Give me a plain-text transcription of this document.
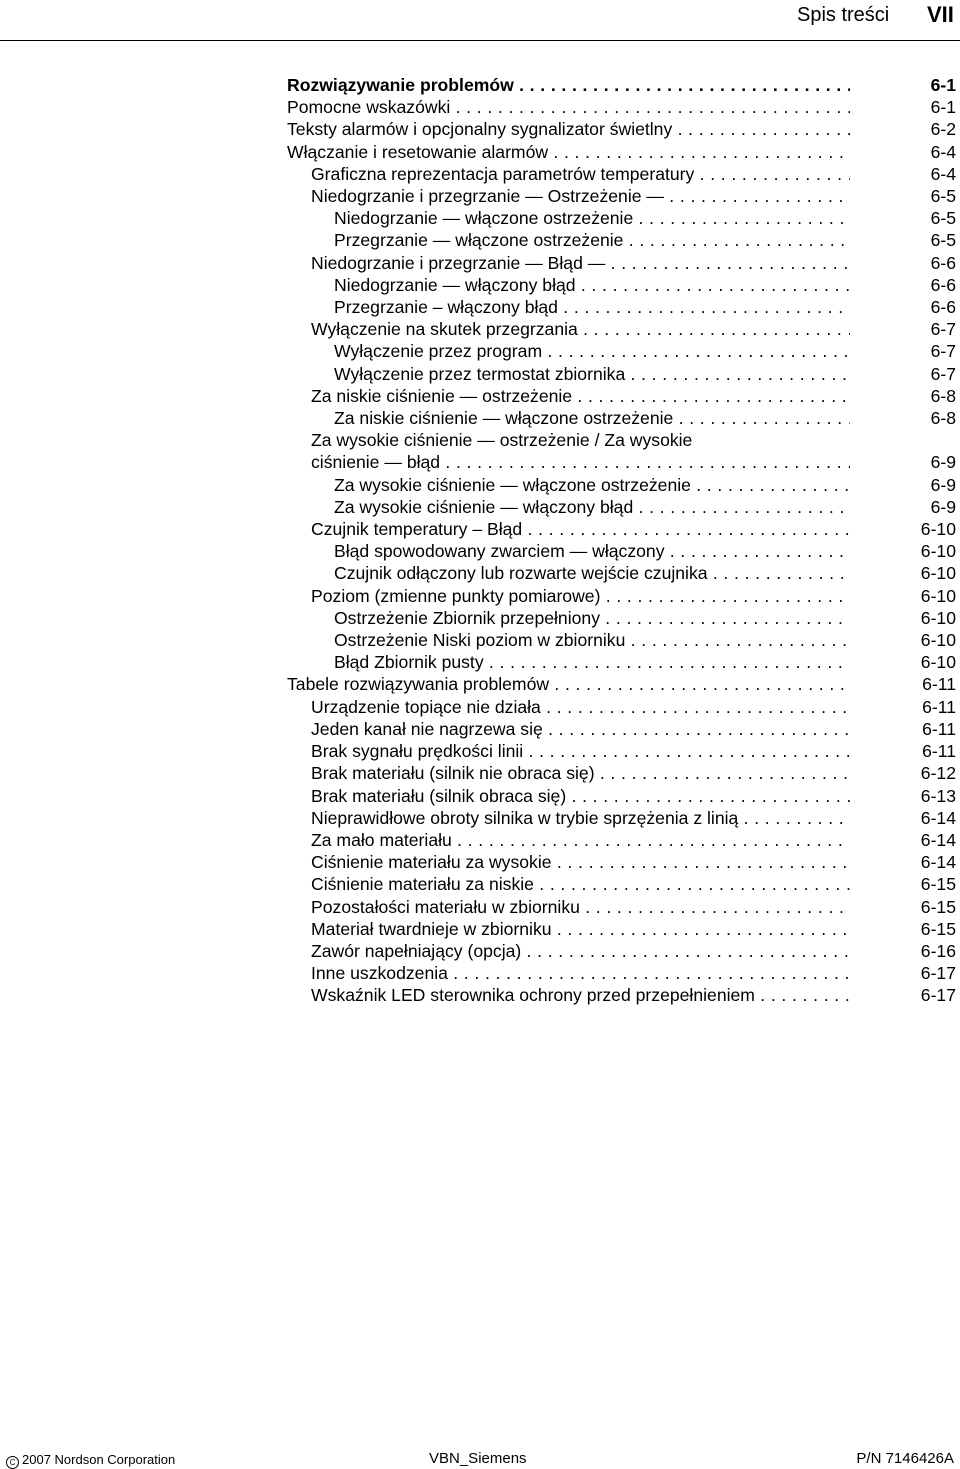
Spis treści VII
Rozwiązywanie problemów . . .	6-1
Pomocne wskazówki . . .	6-1
Teksty alarmów i opcjonalny sygnalizator świetlny . . .	6-2
Włączanie i resetowanie alarmów . . .	6-4
Graficzna reprezentacja parametrów temperatury . . .	6-4
Niedogrzanie i przegrzanie — Ostrzeżenie — . . .	6-5
Niedogrzanie — włączone ostrzeżenie . . .	6-5
Przegrzanie — włączone ostrzeżenie . . .	6-5
Niedogrzanie i przegrzanie — Błąd — . . .	6-6
Niedogrzanie — włączony błąd . . .	6-6
Przegrzanie – włączony błąd . . .	6-6
Wyłączenie na skutek przegrzania . . .	6-7
Wyłączenie przez program . . .	6-7
Wyłączenie przez termostat zbiornika . . .	6-7
Za niskie ciśnienie — ostrzeżenie . . .	6-8
Za niskie ciśnienie — włączone ostrzeżenie . . .	6-8
Za wysokie ciśnienie — ostrzeżenie / Za wysokie
ciśnienie — błąd . . .	6-9
Za wysokie ciśnienie — włączone ostrzeżenie . . .	6-9
Za wysokie ciśnienie — włączony błąd . . .	6-9
Czujnik temperatury – Błąd . . .	6-10
Błąd spowodowany zwarciem — włączony . . .	6-10
Czujnik odłączony lub rozwarte wejście czujnika . . .	6-10
Poziom (zmienne punkty pomiarowe) . . .	6-10
Ostrzeżenie Zbiornik przepełniony . . .	6-10
Ostrzeżenie Niski poziom w zbiorniku . . .	6-10
Błąd Zbiornik pusty . . .	6-10
Tabele rozwiązywania problemów . . .	6-11
Urządzenie topiące nie działa . . .	6-11
Jeden kanał nie nagrzewa się . . .	6-11
Brak sygnału prędkości linii . . .	6-11
Brak materiału (silnik nie obraca się) . . .	6-12
Brak materiału (silnik obraca się) . . .	6-13
Nieprawidłowe obroty silnika w trybie sprzężenia z linią . . .	6-14
Za mało materiału . . .	6-14
Ciśnienie materiału za wysokie . . .	6-14
Ciśnienie materiału za niskie . . .	6-15
Pozostałości materiału w zbiorniku . . .	6-15
Materiał twardnieje w zbiorniku . . .	6-15
Zawór napełniający (opcja) . . .	6-16
Inne uszkodzenia . . .	6-17
Wskaźnik LED sterownika ochrony przed przepełnieniem . . .	6-17
C 2007 Nordson Corporation	VBN_Siemens	P/N 7146426A
